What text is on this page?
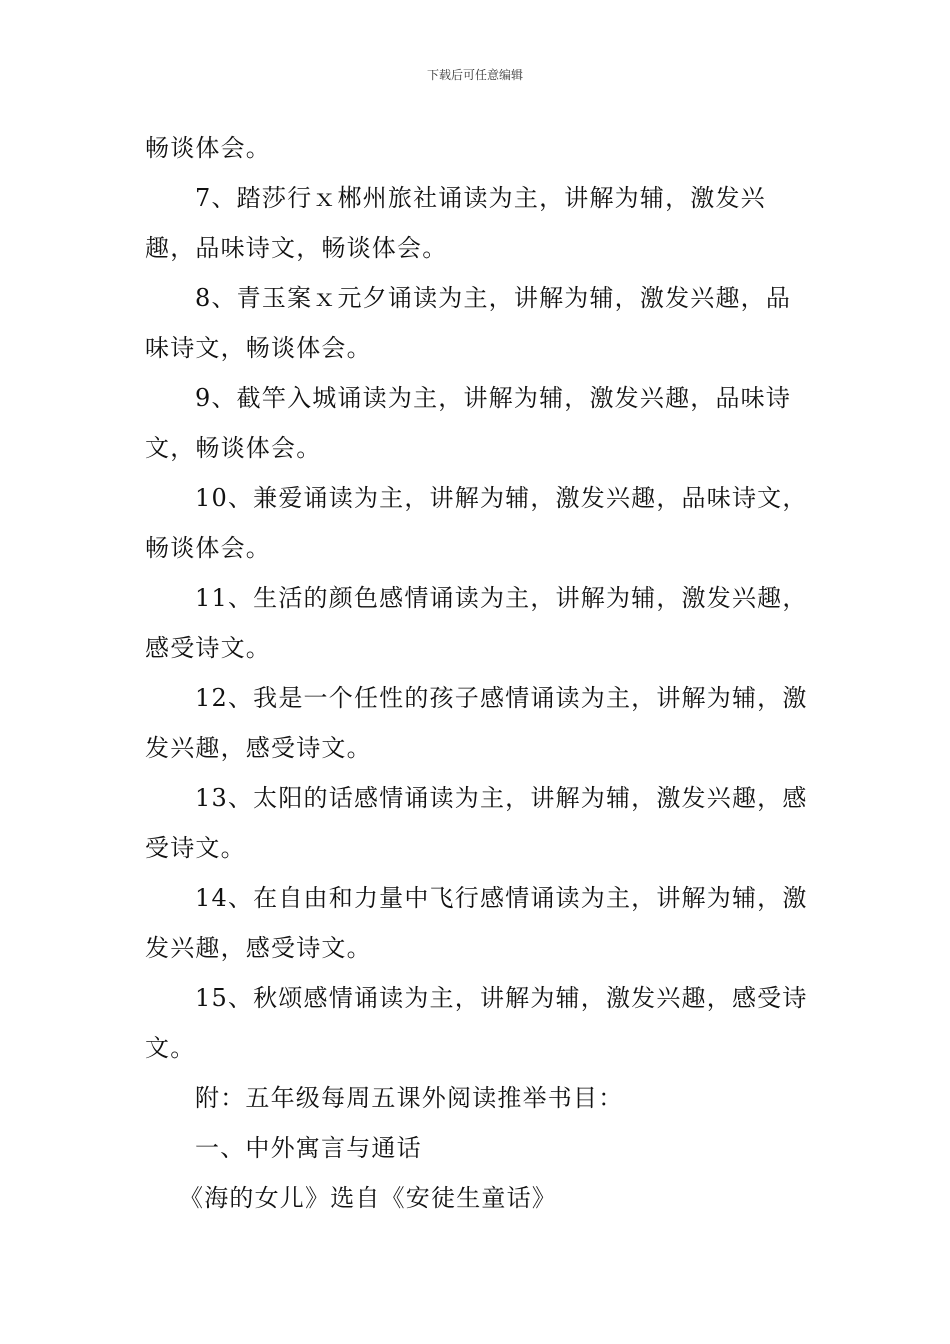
下载后可任意编辑

畅谈体会。

7、踏莎行ｘ郴州旅社诵读为主，讲解为辅，激发兴趣，品味诗文，畅谈体会。

8、青玉案ｘ元夕诵读为主，讲解为辅，激发兴趣，品味诗文，畅谈体会。

9、截竿入城诵读为主，讲解为辅，激发兴趣，品味诗文，畅谈体会。

10、兼爱诵读为主，讲解为辅，激发兴趣，品味诗文，畅谈体会。

11、生活的颜色感情诵读为主，讲解为辅，激发兴趣，感受诗文。

12、我是一个任性的孩子感情诵读为主，讲解为辅，激发兴趣，感受诗文。

13、太阳的话感情诵读为主，讲解为辅，激发兴趣，感受诗文。

14、在自由和力量中飞行感情诵读为主，讲解为辅，激发兴趣，感受诗文。

15、秋颂感情诵读为主，讲解为辅，激发兴趣，感受诗文。

附：五年级每周五课外阅读推举书目：

一、中外寓言与通话

《海的女儿》选自《安徒生童话》
